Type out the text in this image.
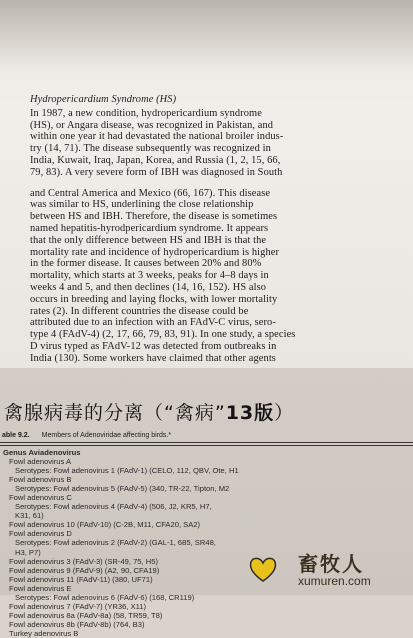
Hydropericardium Syndrome (HS)
In 1987, a new condition, hydropericardium syndrome
(HS), or Angara disease, was recognized in Pakistan, and
within one year it had devastated the national broiler indus-
try (14, 71). The disease subsequently was recognized in
India, Kuwait, Iraq, Japan, Korea, and Russia (1, 2, 15, 66,
79, 83). A very severe form of IBH was diagnosed in South
and Central America and Mexico (66, 167). This disease
was similar to HS, underlining the close relationship
between HS and IBH. Therefore, the disease is sometimes
named hepatitis-hyrodpericardium syndrome. It appears
that the only difference between HS and IBH is that the
mortality rate and incidence of hydropericardium is higher
in the former disease. It causes between 20% and 80%
mortality, which starts at 3 weeks, peaks for 4–8 days in
weeks 4 and 5, and then declines (14, 16, 152). HS also
occurs in breeding and laying flocks, with lower mortality
rates (2). In different countries the disease could be
attributed due to an infection with an FAdV-C virus, sero-
type 4 (FAdV-4) (2, 17, 66, 79, 83, 91). In one study, a species
D virus typed as FAdV-12 was detected from outbreaks in
India (130). Some workers have claimed that other agents
禽腺病毒的分离（“禽病”13版）
able 9.2. Members of Adenoviridae affecting birds.*
Genus Aviadenovirus
Fowl adenovirus A
Serotypes: Fowl adenovirus 1 (FAdV-1) (CELO, 112, QBV, Ote, H1
Fowl adenovirus B
Serotypes: Fowl adenovirus 5 (FAdV-5) (340, TR-22, Tipton, M2
Fowl adenovirus C
Serotypes: Fowl adenovirus 4 (FAdV-4) (506, J2, KR5, H7,
K31, 61)
Fowl adenovirus 10 (FAdV-10) (C-2B, M11, CFA20, SA2)
Fowl adenovirus D
Serotypes: Fowl adenovirus 2 (FAdV-2) (GAL-1, 685, SR48,
H3, P7)
Fowl adenovirus 3 (FAdV-3) (SR-49, 75, H5)
Fowl adenovirus 9 (FAdV-9) (A2, 90, CFA19)
Fowl adenovirus 11 (FAdV-11) (380, UF71)
Fowl adenovirus E
Serotypes: Fowl adenovirus 6 (FAdV-6) (168, CR119)
Fowl adenovirus 7 (FAdV-7) (YR36, X11)
Fowl adenovirus 8a (FAdV-8a) (58, TR59, T8)
Fowl adenovirus 8b (FAdV-8b) (764, B3)
Turkey adenovirus B
畜牧人
xumuren.com
